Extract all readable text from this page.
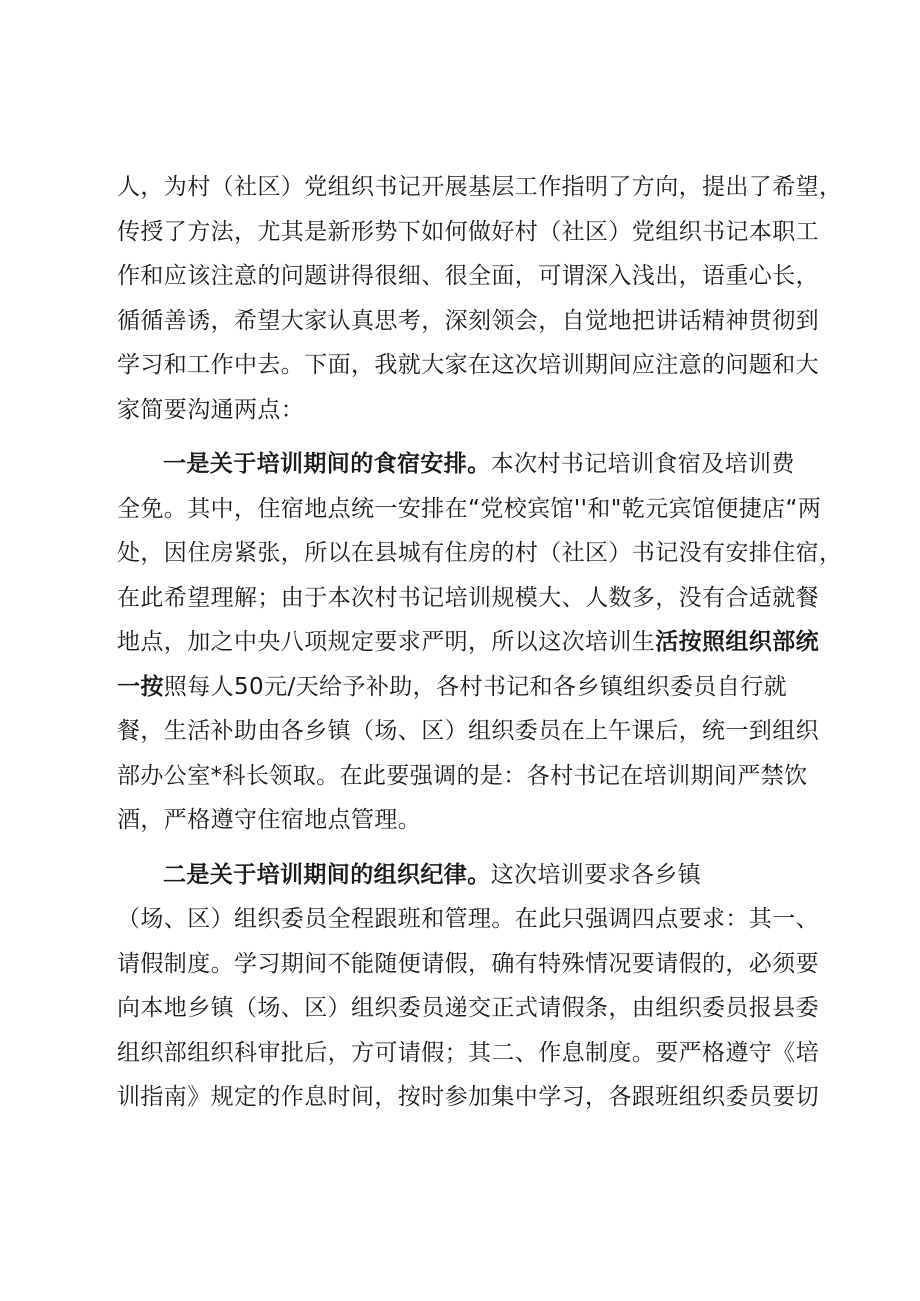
人，为村（社区）党组织书记开展基层工作指明了方向，提出了希望，
传授了方法，尤其是新形势下如何做好村（社区）党组织书记本职工
作和应该注意的问题讲得很细、很全面，可谓深入浅出，语重心长，
循循善诱，希望大家认真思考，深刻领会，自觉地把讲话精神贯彻到
学习和工作中去。下面，我就大家在这次培训期间应注意的问题和大
家简要沟通两点：
一是关于培训期间的食宿安排。本次村书记培训食宿及培训费
全免。其中，住宿地点统一安排在“党校宾馆''和"乾元宾馆便捷店“两
处，因住房紧张，所以在县城有住房的村（社区）书记没有安排住宿，
在此希望理解；由于本次村书记培训规模大、人数多，没有合适就餐
地点，加之中央八项规定要求严明，所以这次培训生活按照组织部统
一按照每人50元/天给予补助，各村书记和各乡镇组织委员自行就
餐，生活补助由各乡镇（场、区）组织委员在上午课后，统一到组织
部办公室*科长领取。在此要强调的是：各村书记在培训期间严禁饮
酒，严格遵守住宿地点管理。
二是关于培训期间的组织纪律。这次培训要求各乡镇
（场、区）组织委员全程跟班和管理。在此只强调四点要求：其一、
请假制度。学习期间不能随便请假，确有特殊情况要请假的，必须要
向本地乡镇（场、区）组织委员递交正式请假条，由组织委员报县委
组织部组织科审批后，方可请假；其二、作息制度。要严格遵守《培
训指南》规定的作息时间，按时参加集中学习，各跟班组织委员要切
